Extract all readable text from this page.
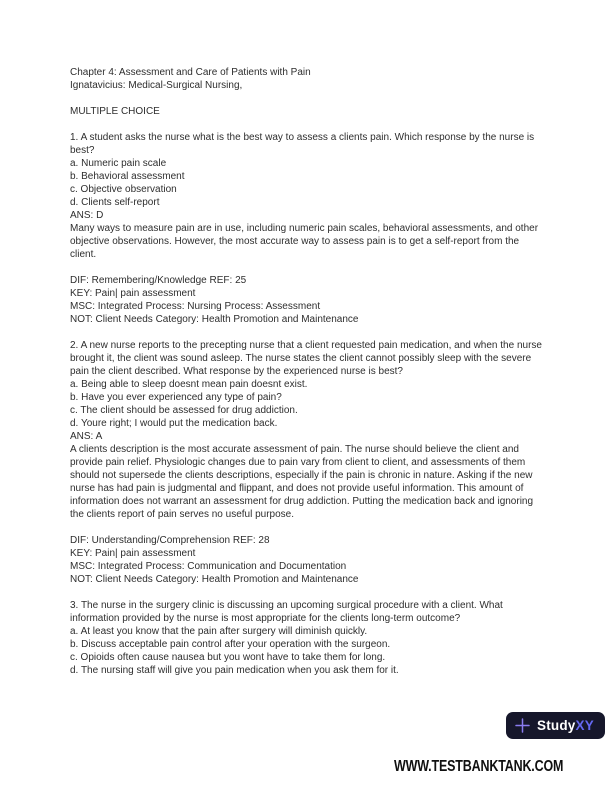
Chapter 4: Assessment and Care of Patients with Pain
Ignatavicius: Medical-Surgical Nursing,
MULTIPLE CHOICE
1. A student asks the nurse what is the best way to assess a clients pain. Which response by the nurse is best?
a. Numeric pain scale
b. Behavioral assessment
c. Objective observation
d. Clients self-report
ANS: D
Many ways to measure pain are in use, including numeric pain scales, behavioral assessments, and other objective observations. However, the most accurate way to assess pain is to get a self-report from the client.
DIF: Remembering/Knowledge REF: 25
KEY: Pain| pain assessment
MSC: Integrated Process: Nursing Process: Assessment
NOT: Client Needs Category: Health Promotion and Maintenance
2. A new nurse reports to the precepting nurse that a client requested pain medication, and when the nurse brought it, the client was sound asleep. The nurse states the client cannot possibly sleep with the severe pain the client described. What response by the experienced nurse is best?
a. Being able to sleep doesnt mean pain doesnt exist.
b. Have you ever experienced any type of pain?
c. The client should be assessed for drug addiction.
d. Youre right; I would put the medication back.
ANS: A
A clients description is the most accurate assessment of pain. The nurse should believe the client and provide pain relief. Physiologic changes due to pain vary from client to client, and assessments of them should not supersede the clients descriptions, especially if the pain is chronic in nature. Asking if the new nurse has had pain is judgmental and flippant, and does not provide useful information. This amount of information does not warrant an assessment for drug addiction. Putting the medication back and ignoring the clients report of pain serves no useful purpose.
DIF: Understanding/Comprehension REF: 28
KEY: Pain| pain assessment
MSC: Integrated Process: Communication and Documentation
NOT: Client Needs Category: Health Promotion and Maintenance
3. The nurse in the surgery clinic is discussing an upcoming surgical procedure with a client. What information provided by the nurse is most appropriate for the clients long-term outcome?
a. At least you know that the pain after surgery will diminish quickly.
b. Discuss acceptable pain control after your operation with the surgeon.
c. Opioids often cause nausea but you wont have to take them for long.
d. The nursing staff will give you pain medication when you ask them for it.
StudyXY
WWW.TESTBANKTANK.COM
